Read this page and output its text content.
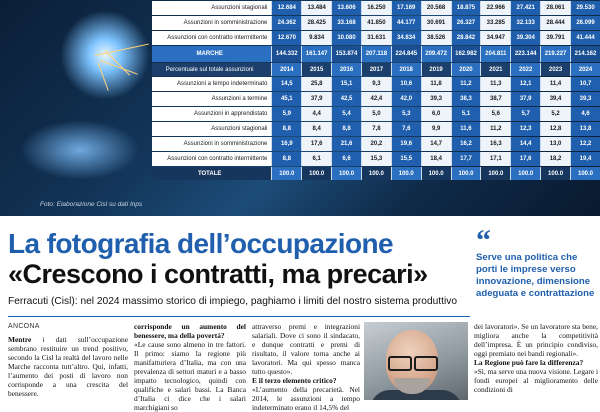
Assunzioni stagionali	12.684	13.484	13.606	16.250	17.169	20.568	18.875	22.966	27.421	28.061	29.530
Assunzioni in somministrazione	24.362	28.425	33.168	41.850	44.177	30.691	26.327	33.285	32.133	28.444	26.099
Assunzioni con contratto intermittente	12.670	9.834	10.080	31.631	34.834	38.526	28.842	34.947	39.304	39.791	41.444
MARCHE	144.332	161.147	153.874	207.118	224.845	209.472	162.982	204.811	223.144	219.227	214.162
Percentuale sul totale assunzioni	2014	2015	2016	2017	2018	2019	2020	2021	2022	2023	2024
Assunzioni a tempo indeterminato	14,5	25,8	15,1	9,3	10,6	11,8	11,2	11,3	12,1	11,4	10,7
Assunzioni a termine	45,1	37,9	42,5	42,4	42,0	39,3	38,3	38,7	37,9	39,4	39,3
Assunzioni in apprendistato	5,9	4,4	5,4	5,0	5,3	6,0	5,1	5,6	5,7	5,2	4,6
Assunzioni stagionali	8,8	8,4	8,8	7,8	7,6	9,9	11,6	11,2	12,3	12,8	13,8
Assunzioni in somministrazione	16,9	17,6	21,6	20,2	19,6	14,7	16,2	16,3	14,4	13,0	12,2
Assunzioni con contratto intermittente	8,8	6,1	6,6	15,3	15,5	18,4	17,7	17,1	17,6	18,2	19,4
TOTALE	100.0	100.0	100.0	100.0	100.0	100.0	100.0	100.0	100.0	100.0	100.0
Foto: Elaborazione Cisl su dati Inps
La fotografia dell’occupazione
«Crescono i contratti, ma precari»
Ferracuti (Cisl): nel 2024 massimo storico di impiego, paghiamo i limiti del nostro sistema produttivo
“
Serve una politica che porti le imprese verso innovazione, dimensione adeguata e contrattazione
ANCONA

Mentre i dati sull’occupazione sembrano restituire un trend positivo, secondo la Cisl la realtà del lavoro nelle Marche racconta tutt’altro. Qui, infatti, l’aumento dei posti di lavoro non corrisponde a una crescita del benessere.

corrisponde un aumento del benessere, ma della povertà?

«Le cause sono almeno in tre fattori. Il primo: siamo la regione più manifatturiera d’Italia, ma con una prevalenza di settori maturi e a basso impatto tecnologico, quindi con qualifiche e salari bassi. La Banca d’Italia ci dice che i salari marchigiani so

attraverso premi e integrazioni salariali. Dove ci sono il sindacato, e dunque contratti e premi di risultato, il valore torna anche ai lavoratori. Ma qui spesso manca tutto questo».

E il terzo elemento critico?

«L’aumento della precarietà. Nel 2014, le assunzioni a tempo indeterminato erano il 14,5% del

dei lavoratori». Se un lavoratore sta bene, migliora anche la competitività dell’impresa. È un principio condiviso, oggi premiato nei bandi regionali».

La Regione può fare la differenza?

«Sì, ma serve una nuova visione. Legare i fondi europei al miglioramento delle condizioni di
